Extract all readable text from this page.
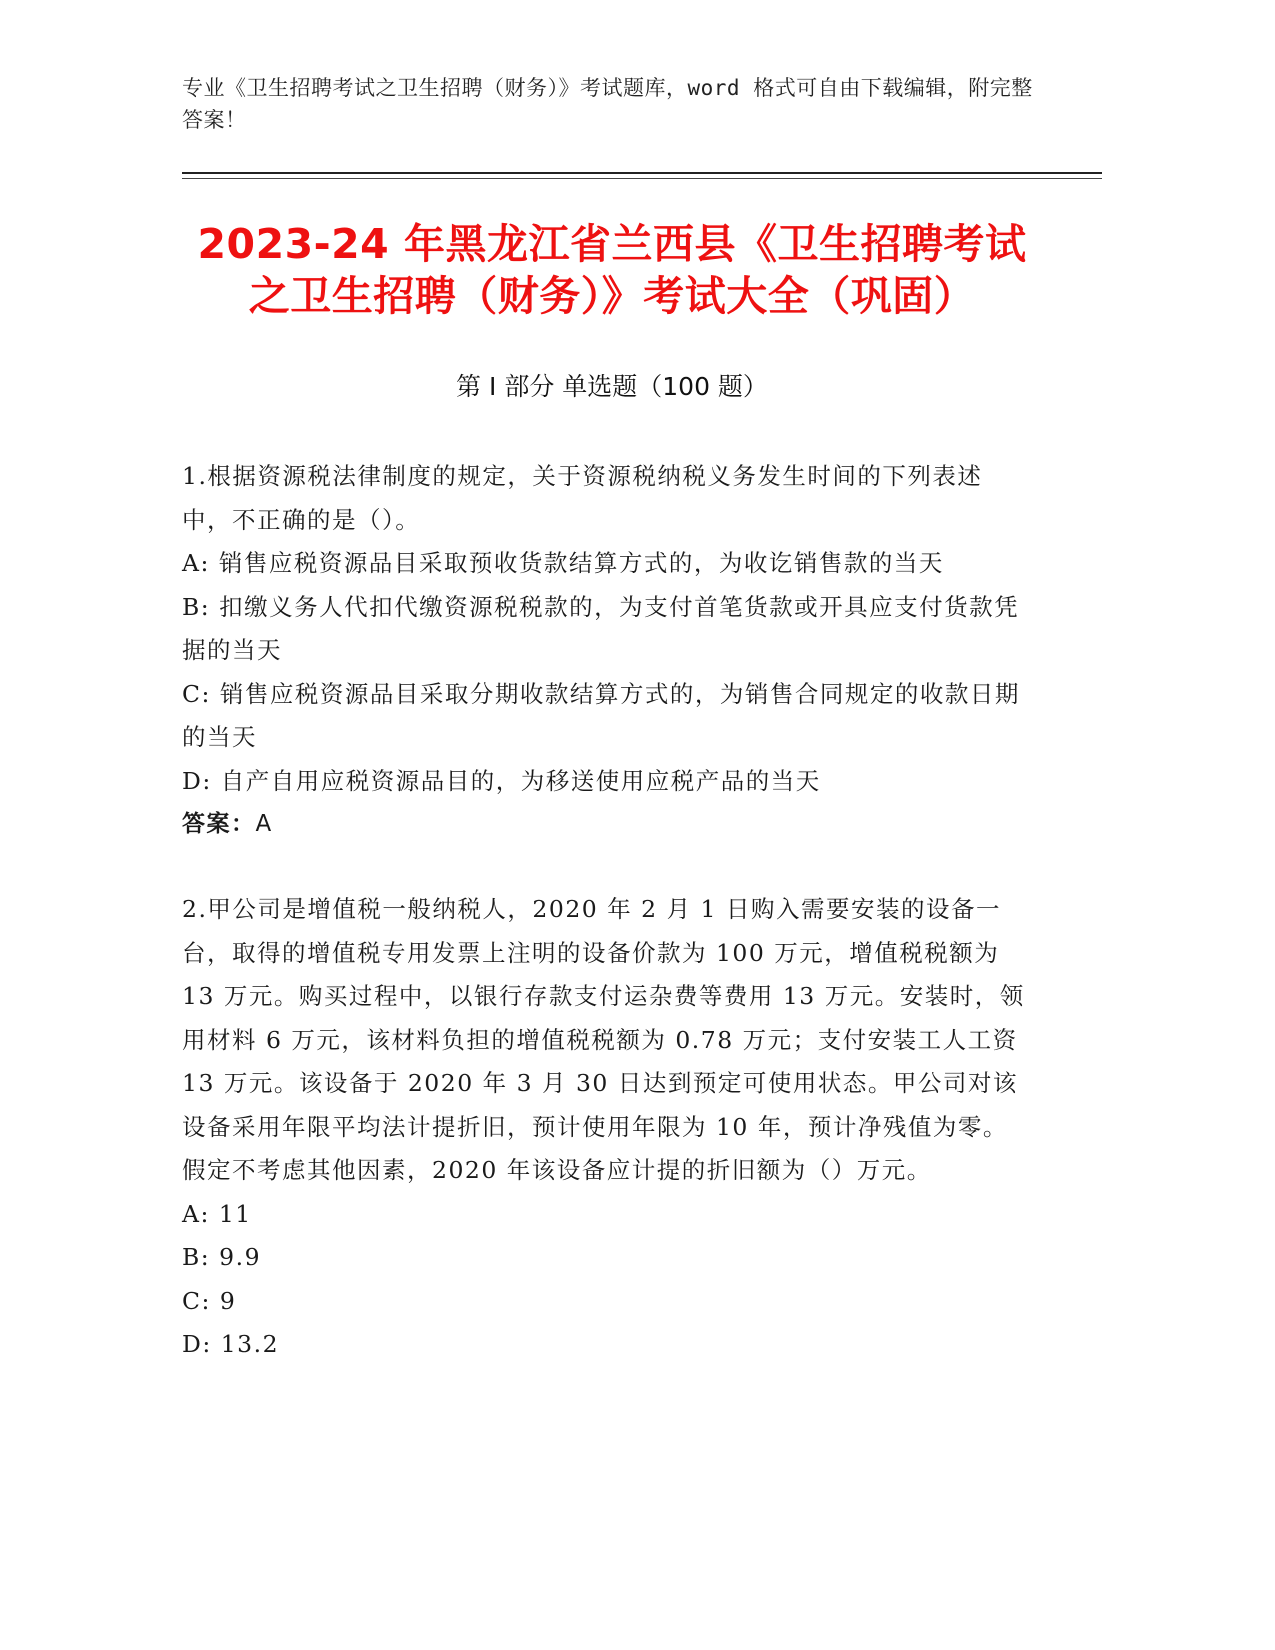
专业《卫生招聘考试之卫生招聘（财务）》考试题库，word 格式可自由下载编辑，附完整答案！
2023-24 年黑龙江省兰西县《卫生招聘考试之卫生招聘（财务）》考试大全（巩固）
第 I 部分 单选题（100 题）

1.根据资源税法律制度的规定，关于资源税纳税义务发生时间的下列表述中，不正确的是（）。

A: 销售应税资源品目采取预收货款结算方式的，为收讫销售款的当天

B: 扣缴义务人代扣代缴资源税税款的，为支付首笔货款或开具应支付货款凭据的当天

C: 销售应税资源品目采取分期收款结算方式的，为销售合同规定的收款日期的当天

D: 自产自用应税资源品目的，为移送使用应税产品的当天

答案：A

2.甲公司是增值税一般纳税人，2020 年 2 月 1 日购入需要安装的设备一台，取得的增值税专用发票上注明的设备价款为 100 万元，增值税税额为 13 万元。购买过程中，以银行存款支付运杂费等费用 13 万元。安装时，领用材料 6 万元，该材料负担的增值税税额为 0.78 万元；支付安装工人工资 13 万元。该设备于 2020 年 3 月 30 日达到预定可使用状态。甲公司对该设备采用年限平均法计提折旧，预计使用年限为 10 年，预计净残值为零。假定不考虑其他因素，2020 年该设备应计提的折旧额为（）万元。

A: 11

B: 9.9

C: 9

D: 13.2
